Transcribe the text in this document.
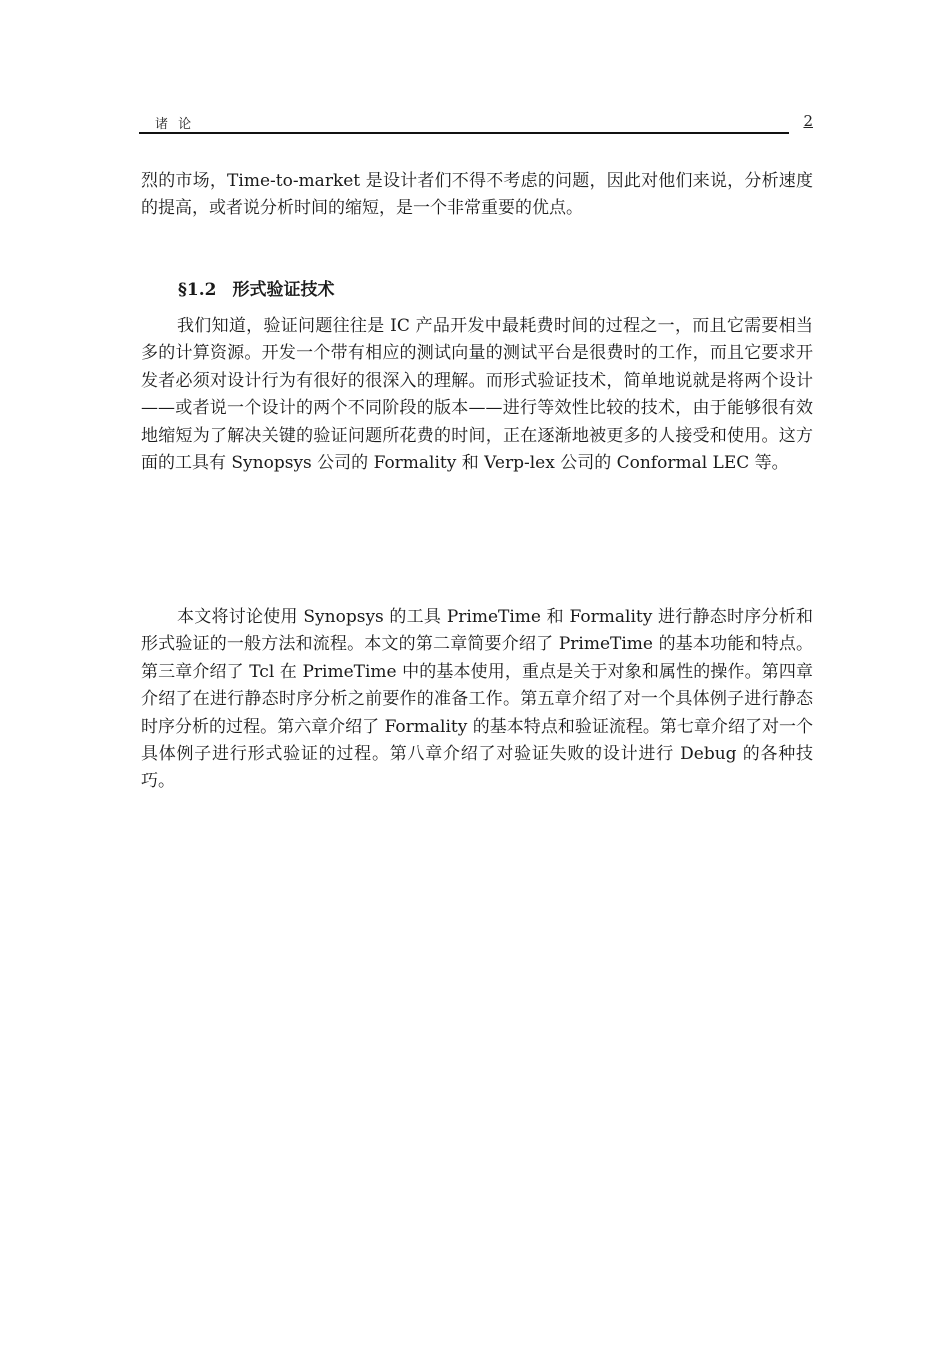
诸 论	2

烈的市场，Time-to-market 是设计者们不得不考虑的问题，因此对他们来说，分析速度的提高，或者说分析时间的缩短，是一个非常重要的优点。

§1.2 形式验证技术

我们知道，验证问题往往是 IC 产品开发中最耗费时间的过程之一，而且它需要相当多的计算资源。开发一个带有相应的测试向量的测试平台是很费时的工作，而且它要求开发者必须对设计行为有很好的很深入的理解。而形式验证技术，简单地说就是将两个设计——或者说一个设计的两个不同阶段的版本——进行等效性比较的技术，由于能够很有效地缩短为了解决关键的验证问题所花费的时间，正在逐渐地被更多的人接受和使用。这方面的工具有 Synopsys 公司的 Formality 和 Verp-lex 公司的 Conformal LEC 等。

本文将讨论使用 Synopsys 的工具 PrimeTime 和 Formality 进行静态时序分析和形式验证的一般方法和流程。本文的第二章简要介绍了 PrimeTime 的基本功能和特点。第三章介绍了 Tcl 在 PrimeTime 中的基本使用，重点是关于对象和属性的操作。第四章介绍了在进行静态时序分析之前要作的准备工作。第五章介绍了对一个具体例子进行静态时序分析的过程。第六章介绍了 Formality 的基本特点和验证流程。第七章介绍了对一个具体例子进行形式验证的过程。第八章介绍了对验证失败的设计进行 Debug 的各种技巧。
